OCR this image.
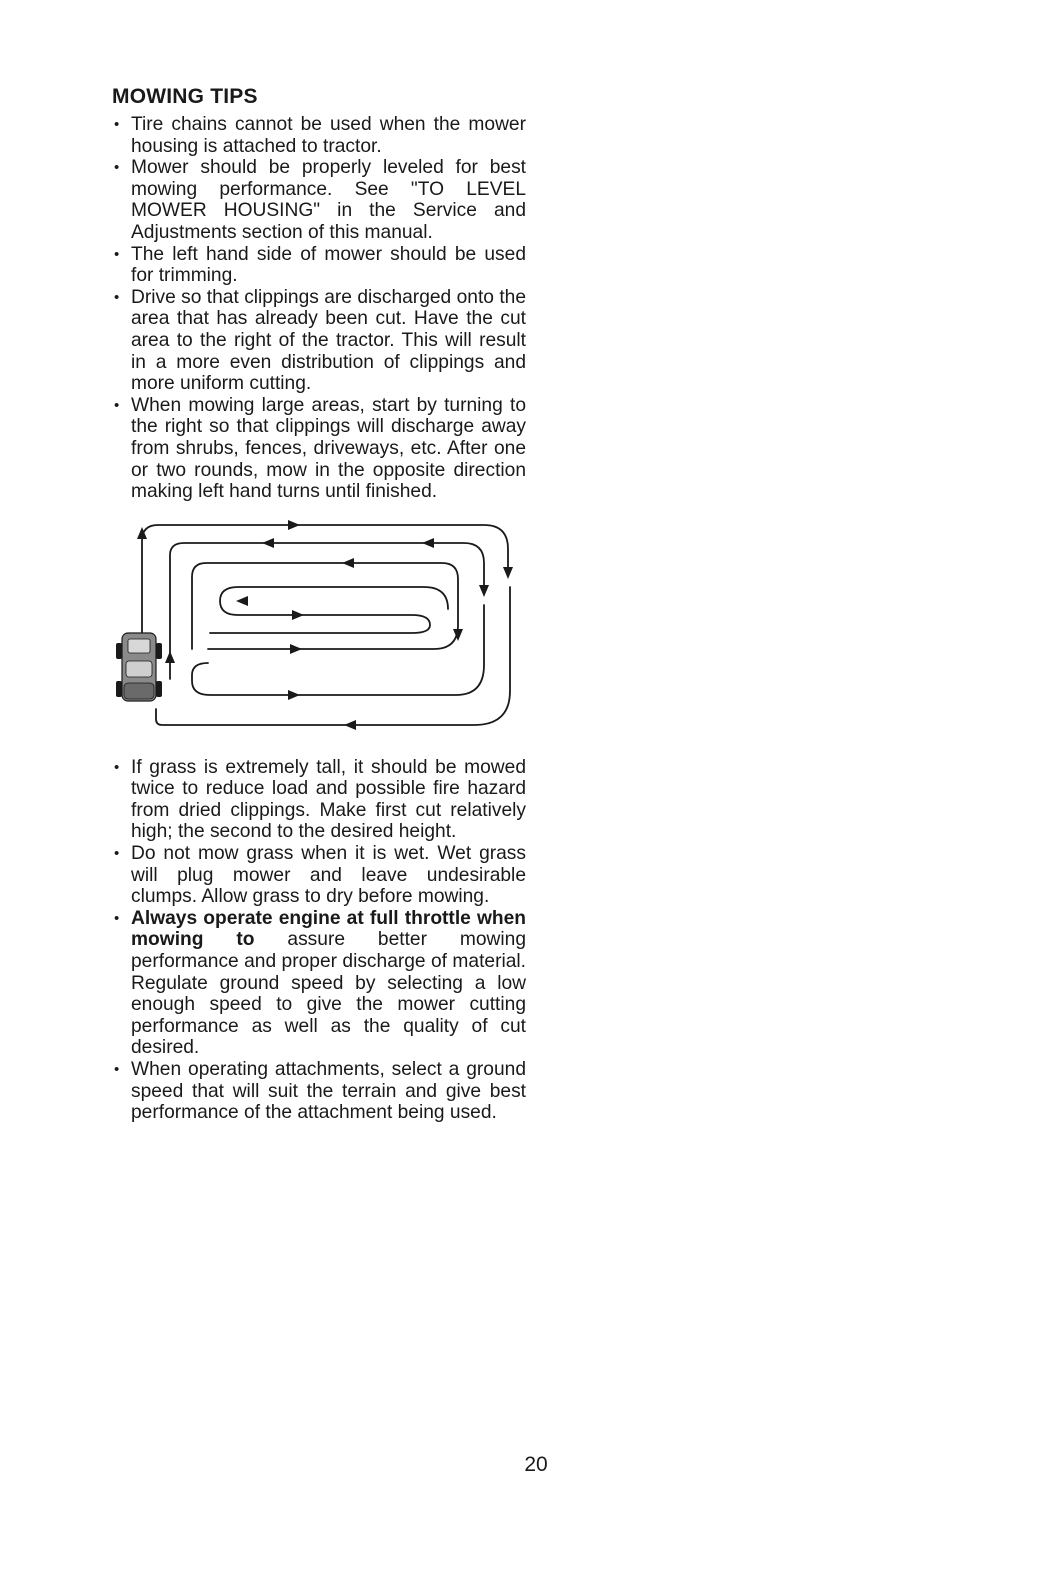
MOWING TIPS
• Tire chains cannot be used when the mower housing is attached to tractor.
• Mower should be properly leveled for best mowing performance. See "TO LEVEL MOWER HOUSING" in the Service and Adjustments section of this manual.
• The left hand side of mower should be used for trimming.
• Drive so that clippings are discharged onto the area that has already been cut. Have the cut area to the right of the tractor. This will result in a more even distribution of clippings and more uniform cutting.
• When mowing large areas, start by turning to the right so that clippings will discharge away from shrubs, fences, driveways, etc. After one or two rounds, mow in the opposite direction making left hand turns until finished.
• If grass is extremely tall, it should be mowed twice to reduce load and possible fire hazard from dried clippings. Make first cut relatively high; the second to the desired height.
• Do not mow grass when it is wet. Wet grass will plug mower and leave undesirable clumps. Allow grass to dry before mowing.
• Always operate engine at full throttle when mowing to assure better mowing performance and proper discharge of material. Regulate ground speed by selecting a low enough speed to give the mower cutting performance as well as the quality of cut desired.
• When operating attachments, select a ground speed that will suit the terrain and give best performance of the attachment being used.
20
